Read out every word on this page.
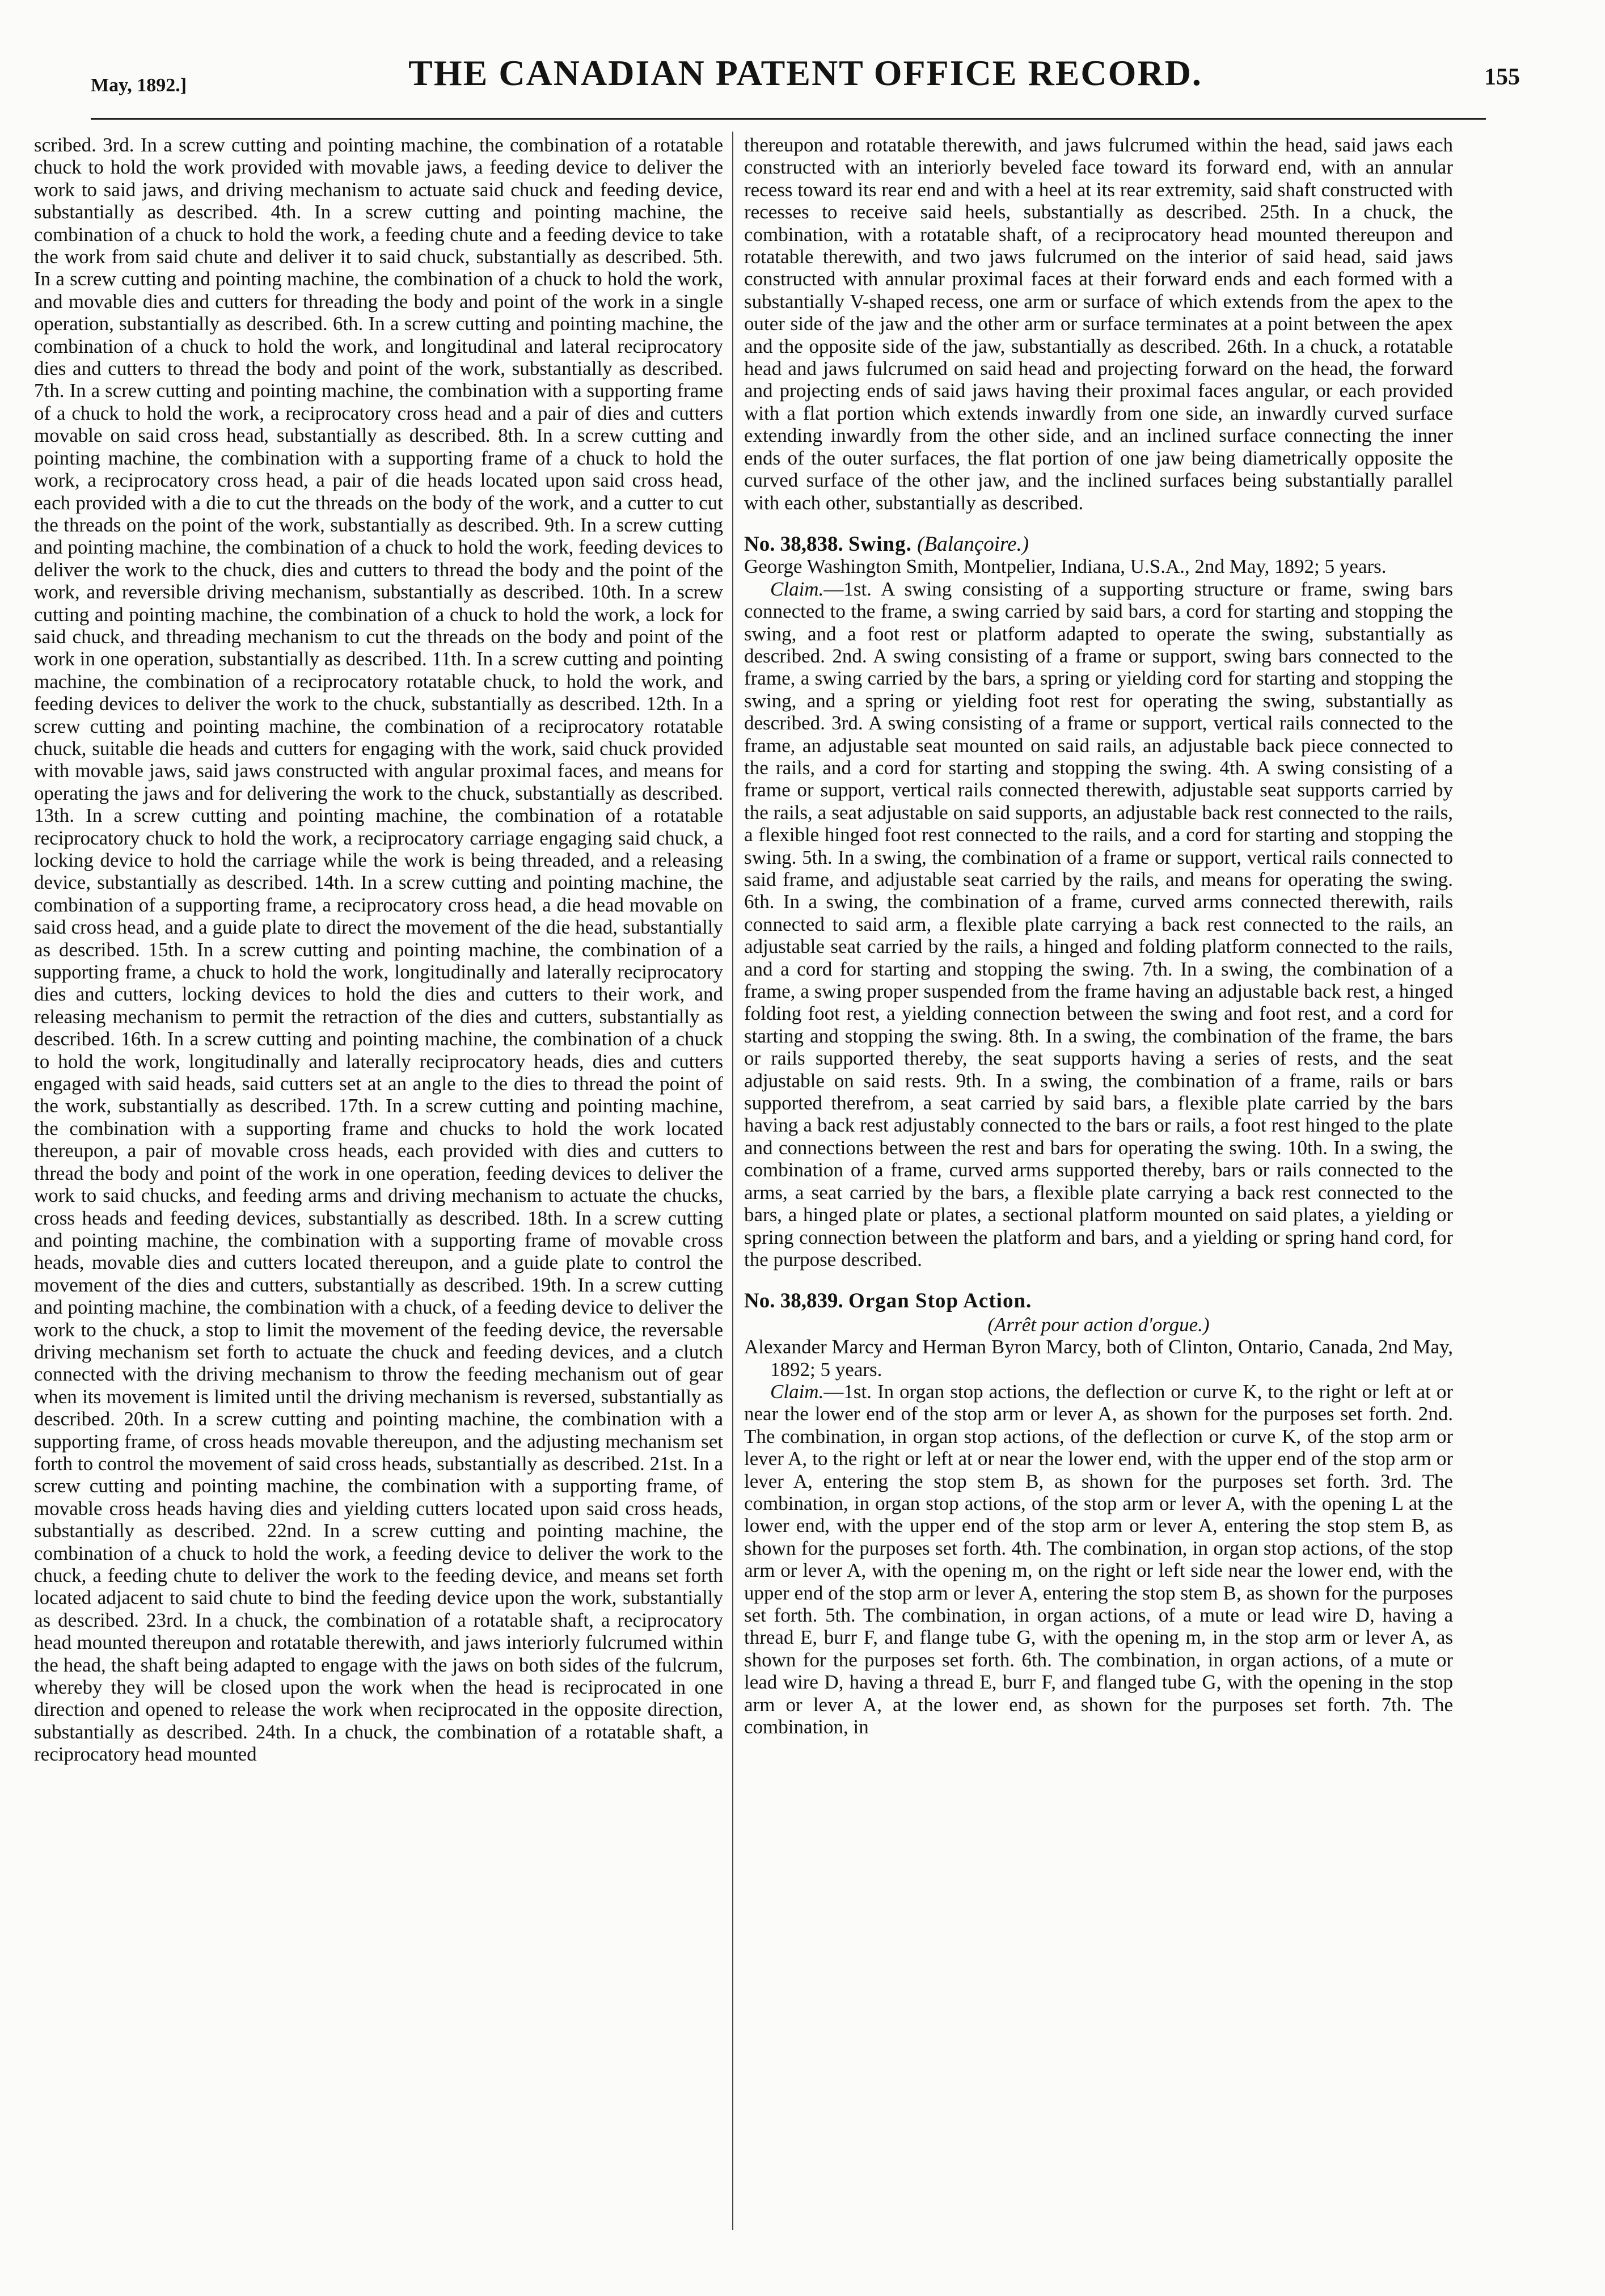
May, 1892.]	THE CANADIAN PATENT OFFICE RECORD.	155

scribed. 3rd. In a screw cutting and pointing machine, the combination of a rotatable chuck to hold the work provided with movable jaws, a feeding device to deliver the work to said jaws, and driving mechanism to actuate said chuck and feeding device, substantially as described. 4th. In a screw cutting and pointing machine, the combination of a chuck to hold the work, a feeding chute and a feeding device to take the work from said chute and deliver it to said chuck, substantially as described. 5th. In a screw cutting and pointing machine, the combination of a chuck to hold the work, and movable dies and cutters for threading the body and point of the work in a single operation, substantially as described. 6th. In a screw cutting and pointing machine, the combination of a chuck to hold the work, and longitudinal and lateral reciprocatory dies and cutters to thread the body and point of the work, substantially as described. 7th. In a screw cutting and pointing machine, the combination with a supporting frame of a chuck to hold the work, a reciprocatory cross head and a pair of dies and cutters movable on said cross head, substantially as described. 8th. In a screw cutting and pointing machine, the combination with a supporting frame of a chuck to hold the work, a reciprocatory cross head, a pair of die heads located upon said cross head, each provided with a die to cut the threads on the body of the work, and a cutter to cut the threads on the point of the work, substantially as described. 9th. In a screw cutting and pointing machine, the combination of a chuck to hold the work, feeding devices to deliver the work to the chuck, dies and cutters to thread the body and the point of the work, and reversible driving mechanism, substantially as described. 10th. In a screw cutting and pointing machine, the combination of a chuck to hold the work, a lock for said chuck, and threading mechanism to cut the threads on the body and point of the work in one operation, substantially as described. 11th. In a screw cutting and pointing machine, the combination of a reciprocatory rotatable chuck, to hold the work, and feeding devices to deliver the work to the chuck, substantially as described. 12th. In a screw cutting and pointing machine, the combination of a reciprocatory rotatable chuck, suitable die heads and cutters for engaging with the work, said chuck provided with movable jaws, said jaws constructed with angular proximal faces, and means for operating the jaws and for delivering the work to the chuck, substantially as described. 13th. In a screw cutting and pointing machine, the combination of a rotatable reciprocatory chuck to hold the work, a reciprocatory carriage engaging said chuck, a locking device to hold the carriage while the work is being threaded, and a releasing device, substantially as described. 14th. In a screw cutting and pointing machine, the combination of a supporting frame, a reciprocatory cross head, a die head movable on said cross head, and a guide plate to direct the movement of the die head, substantially as described. 15th. In a screw cutting and pointing machine, the combination of a supporting frame, a chuck to hold the work, longitudinally and laterally reciprocatory dies and cutters, locking devices to hold the dies and cutters to their work, and releasing mechanism to permit the retraction of the dies and cutters, substantially as described. 16th. In a screw cutting and pointing machine, the combination of a chuck to hold the work, longitudinally and laterally reciprocatory heads, dies and cutters engaged with said heads, said cutters set at an angle to the dies to thread the point of the work, substantially as described. 17th. In a screw cutting and pointing machine, the combination with a supporting frame and chucks to hold the work located thereupon, a pair of movable cross heads, each provided with dies and cutters to thread the body and point of the work in one operation, feeding devices to deliver the work to said chucks, and feeding arms and driving mechanism to actuate the chucks, cross heads and feeding devices, substantially as described. 18th. In a screw cutting and pointing machine, the combination with a supporting frame of movable cross heads, movable dies and cutters located thereupon, and a guide plate to control the movement of the dies and cutters, substantially as described. 19th. In a screw cutting and pointing machine, the combination with a chuck, of a feeding device to deliver the work to the chuck, a stop to limit the movement of the feeding device, the reversable driving mechanism set forth to actuate the chuck and feeding devices, and a clutch connected with the driving mechanism to throw the feeding mechanism out of gear when its movement is limited until the driving mechanism is reversed, substantially as described. 20th. In a screw cutting and pointing machine, the combination with a supporting frame, of cross heads movable thereupon, and the adjusting mechanism set forth to control the movement of said cross heads, substantially as described. 21st. In a screw cutting and pointing machine, the combination with a supporting frame, of movable cross heads having dies and yielding cutters located upon said cross heads, substantially as described. 22nd. In a screw cutting and pointing machine, the combination of a chuck to hold the work, a feeding device to deliver the work to the chuck, a feeding chute to deliver the work to the feeding device, and means set forth located adjacent to said chute to bind the feeding device upon the work, substantially as described. 23rd. In a chuck, the combination of a rotatable shaft, a reciprocatory head mounted thereupon and rotatable therewith, and jaws interiorly fulcrumed within the head, the shaft being adapted to engage with the jaws on both sides of the fulcrum, whereby they will be closed upon the work when the head is reciprocated in one direction and opened to release the work when reciprocated in the opposite direction, substantially as described. 24th. In a chuck, the combination of a rotatable shaft, a reciprocatory head mounted

thereupon and rotatable therewith, and jaws fulcrumed within the head, said jaws each constructed with an interiorly beveled face toward its forward end, with an annular recess toward its rear end and with a heel at its rear extremity, said shaft constructed with recesses to receive said heels, substantially as described. 25th. In a chuck, the combination, with a rotatable shaft, of a reciprocatory head mounted thereupon and rotatable therewith, and two jaws fulcrumed on the interior of said head, said jaws constructed with annular proximal faces at their forward ends and each formed with a substantially V-shaped recess, one arm or surface of which extends from the apex to the outer side of the jaw and the other arm or surface terminates at a point between the apex and the opposite side of the jaw, substantially as described. 26th. In a chuck, a rotatable head and jaws fulcrumed on said head and projecting forward on the head, the forward and projecting ends of said jaws having their proximal faces angular, or each provided with a flat portion which extends inwardly from one side, an inwardly curved surface extending inwardly from the other side, and an inclined surface connecting the inner ends of the outer surfaces, the flat portion of one jaw being diametrically opposite the curved surface of the other jaw, and the inclined surfaces being substantially parallel with each other, substantially as described.

No. 38,838. Swing. (Balançoire.)

George Washington Smith, Montpelier, Indiana, U.S.A., 2nd May, 1892; 5 years.

Claim.—1st. A swing consisting of a supporting structure or frame, swing bars connected to the frame, a swing carried by said bars, a cord for starting and stopping the swing, and a foot rest or platform adapted to operate the swing, substantially as described. 2nd. A swing consisting of a frame or support, swing bars connected to the frame, a swing carried by the bars, a spring or yielding cord for starting and stopping the swing, and a spring or yielding foot rest for operating the swing, substantially as described. 3rd. A swing consisting of a frame or support, vertical rails connected to the frame, an adjustable seat mounted on said rails, an adjustable back piece connected to the rails, and a cord for starting and stopping the swing. 4th. A swing consisting of a frame or support, vertical rails connected therewith, adjustable seat supports carried by the rails, a seat adjustable on said supports, an adjustable back rest connected to the rails, a flexible hinged foot rest connected to the rails, and a cord for starting and stopping the swing. 5th. In a swing, the combination of a frame or support, vertical rails connected to said frame, and adjustable seat carried by the rails, and means for operating the swing. 6th. In a swing, the combination of a frame, curved arms connected therewith, rails connected to said arm, a flexible plate carrying a back rest connected to the rails, an adjustable seat carried by the rails, a hinged and folding platform connected to the rails, and a cord for starting and stopping the swing. 7th. In a swing, the combination of a frame, a swing proper suspended from the frame having an adjustable back rest, a hinged folding foot rest, a yielding connection between the swing and foot rest, and a cord for starting and stopping the swing. 8th. In a swing, the combination of the frame, the bars or rails supported thereby, the seat supports having a series of rests, and the seat adjustable on said rests. 9th. In a swing, the combination of a frame, rails or bars supported therefrom, a seat carried by said bars, a flexible plate carried by the bars having a back rest adjustably connected to the bars or rails, a foot rest hinged to the plate and connections between the rest and bars for operating the swing. 10th. In a swing, the combination of a frame, curved arms supported thereby, bars or rails connected to the arms, a seat carried by the bars, a flexible plate carrying a back rest connected to the bars, a hinged plate or plates, a sectional platform mounted on said plates, a yielding or spring connection between the platform and bars, and a yielding or spring hand cord, for the purpose described.

No. 38,839. Organ Stop Action.
(Arrêt pour action d'orgue.)

Alexander Marcy and Herman Byron Marcy, both of Clinton, Ontario, Canada, 2nd May, 1892; 5 years.

Claim.—1st. In organ stop actions, the deflection or curve K, to the right or left at or near the lower end of the stop arm or lever A, as shown for the purposes set forth. 2nd. The combination, in organ stop actions, of the deflection or curve K, of the stop arm or lever A, to the right or left at or near the lower end, with the upper end of the stop arm or lever A, entering the stop stem B, as shown for the purposes set forth. 3rd. The combination, in organ stop actions, of the stop arm or lever A, with the opening L at the lower end, with the upper end of the stop arm or lever A, entering the stop stem B, as shown for the purposes set forth. 4th. The combination, in organ stop actions, of the stop arm or lever A, with the opening m, on the right or left side near the lower end, with the upper end of the stop arm or lever A, entering the stop stem B, as shown for the purposes set forth. 5th. The combination, in organ actions, of a mute or lead wire D, having a thread E, burr F, and flange tube G, with the opening m, in the stop arm or lever A, as shown for the purposes set forth. 6th. The combination, in organ actions, of a mute or lead wire D, having a thread E, burr F, and flanged tube G, with the opening in the stop arm or lever A, at the lower end, as shown for the purposes set forth. 7th. The combination, in
